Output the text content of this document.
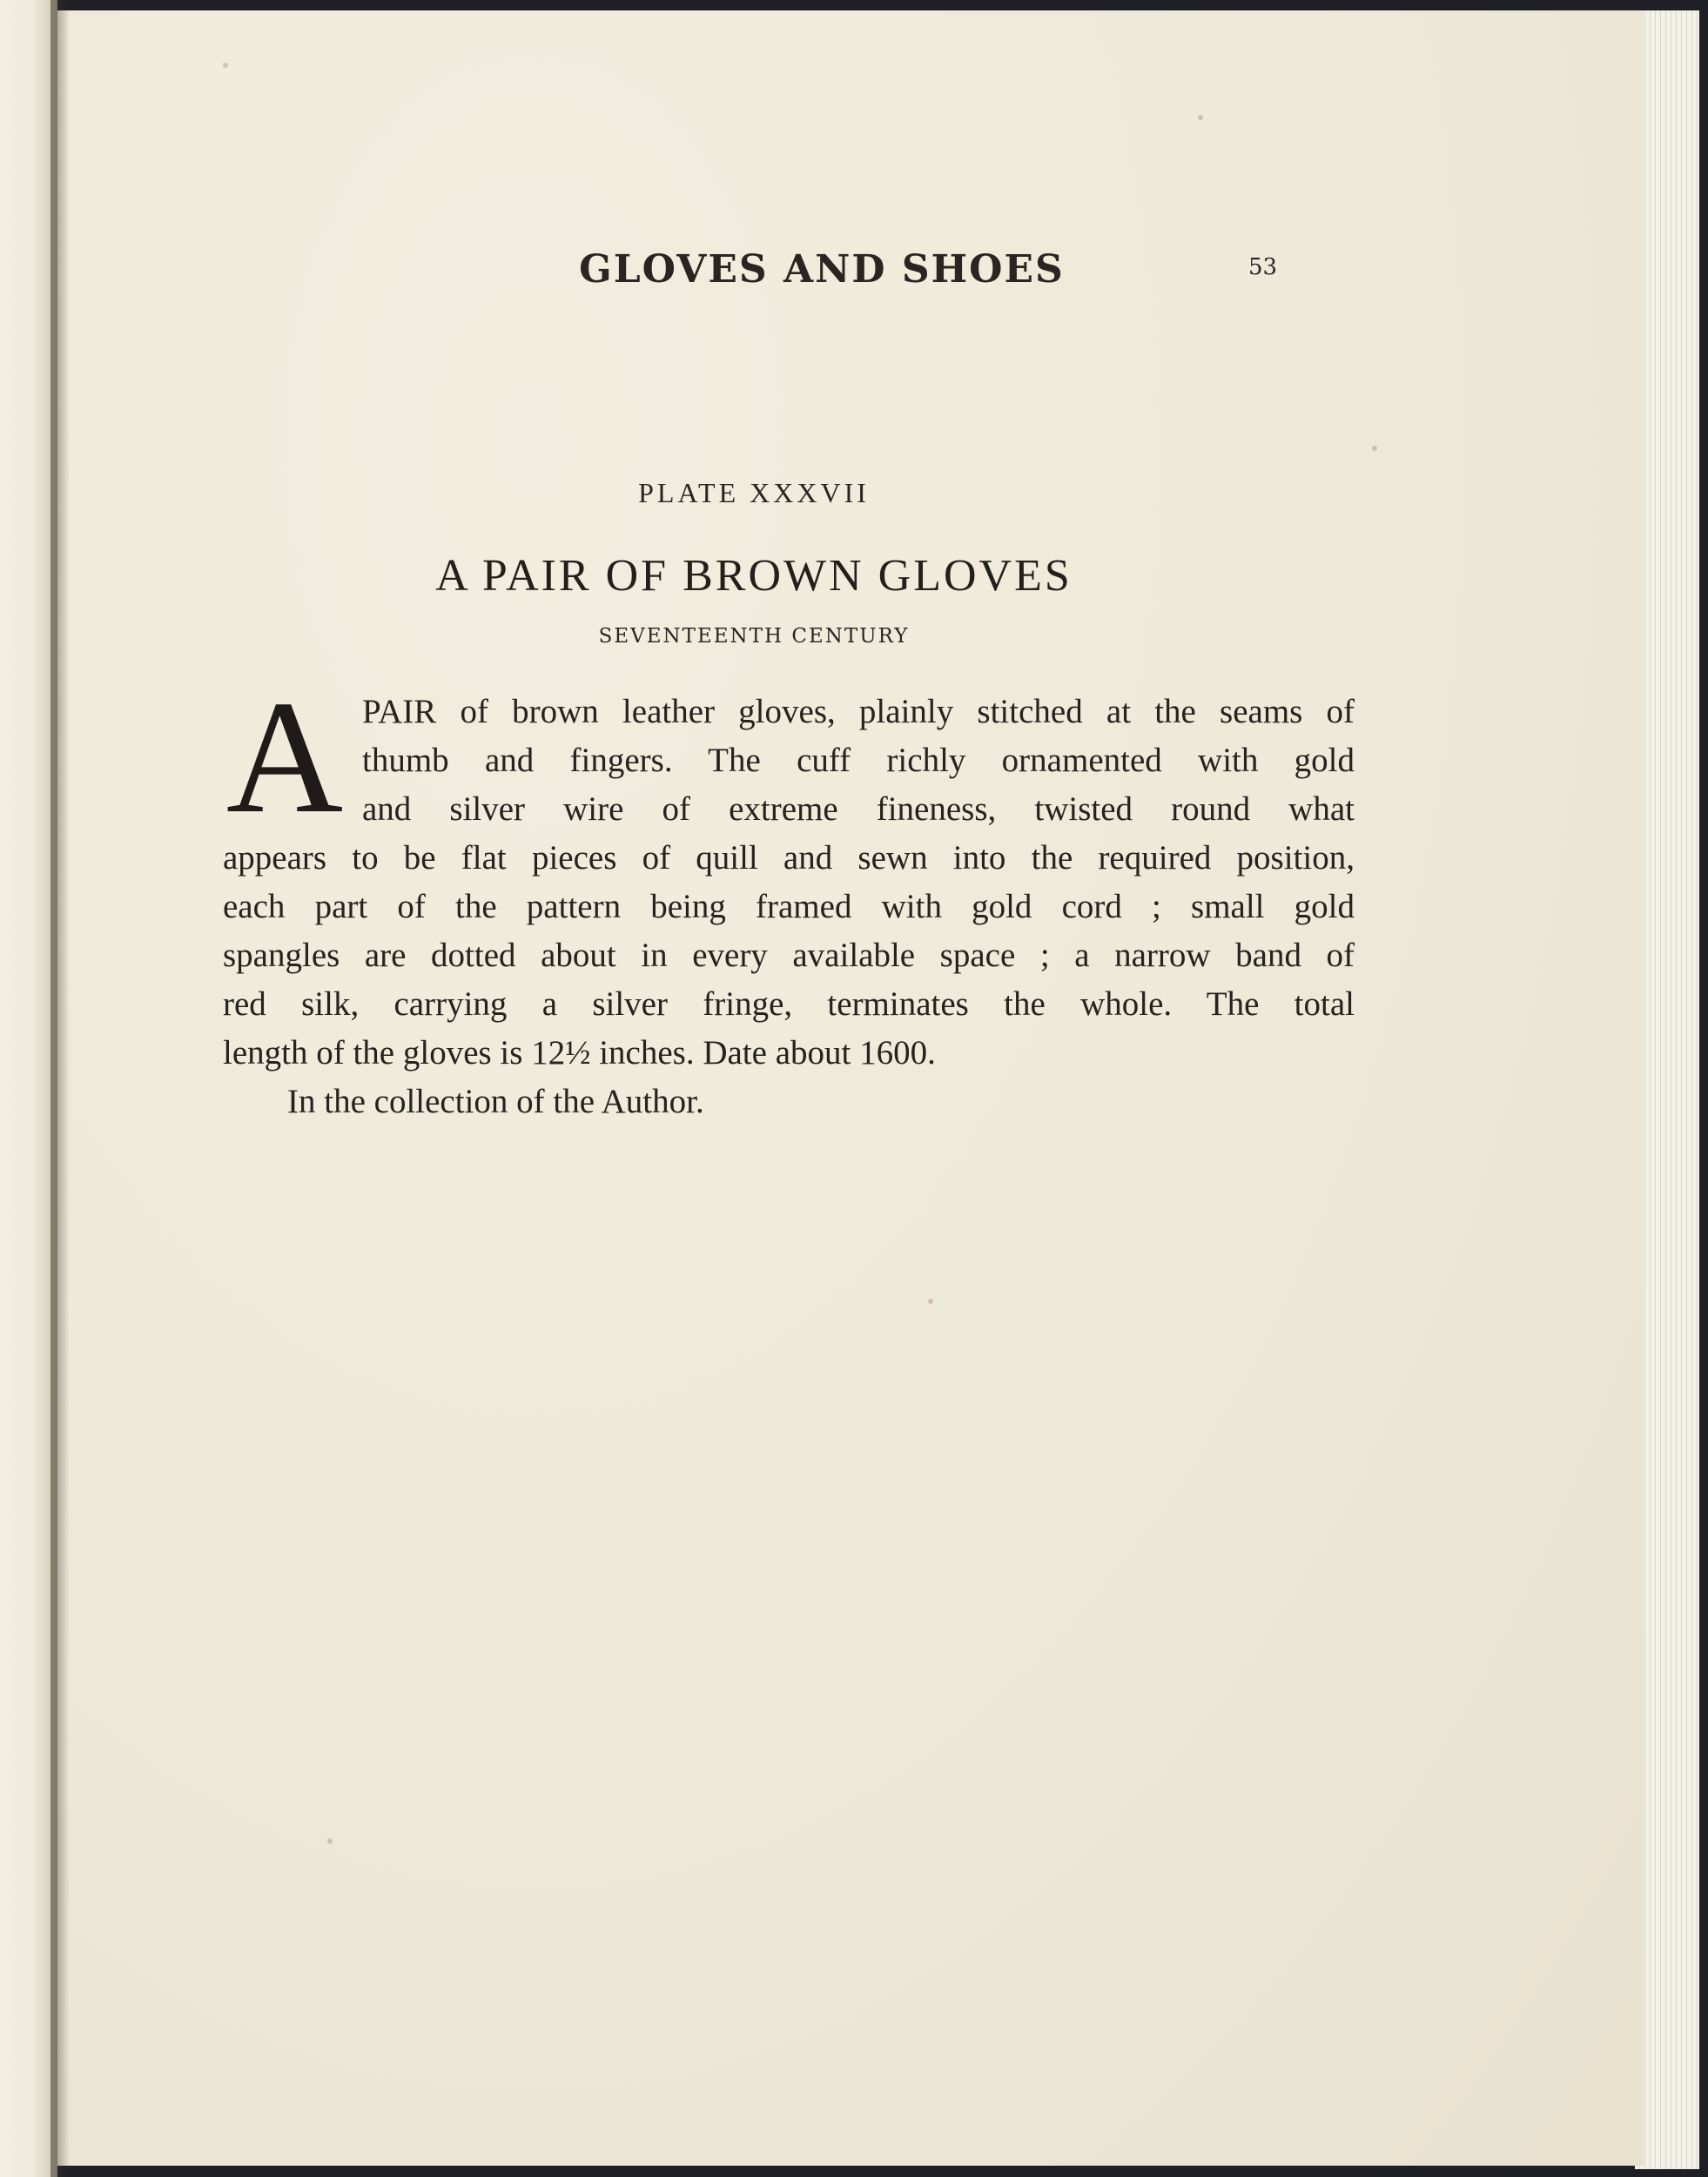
GLOVES AND SHOES	53
PLATE XXXVII
A PAIR OF BROWN GLOVES
SEVENTEENTH CENTURY
A PAIR of brown leather gloves, plainly stitched at the seams of
thumb and fingers. The cuff richly ornamented with gold
and silver wire of extreme fineness, twisted round what
appears to be flat pieces of quill and sewn into the required position,
each part of the pattern being framed with gold cord ; small gold
spangles are dotted about in every available space ; a narrow band of
red silk, carrying a silver fringe, terminates the whole. The total
length of the gloves is 12½ inches. Date about 1600.
In the collection of the Author.
